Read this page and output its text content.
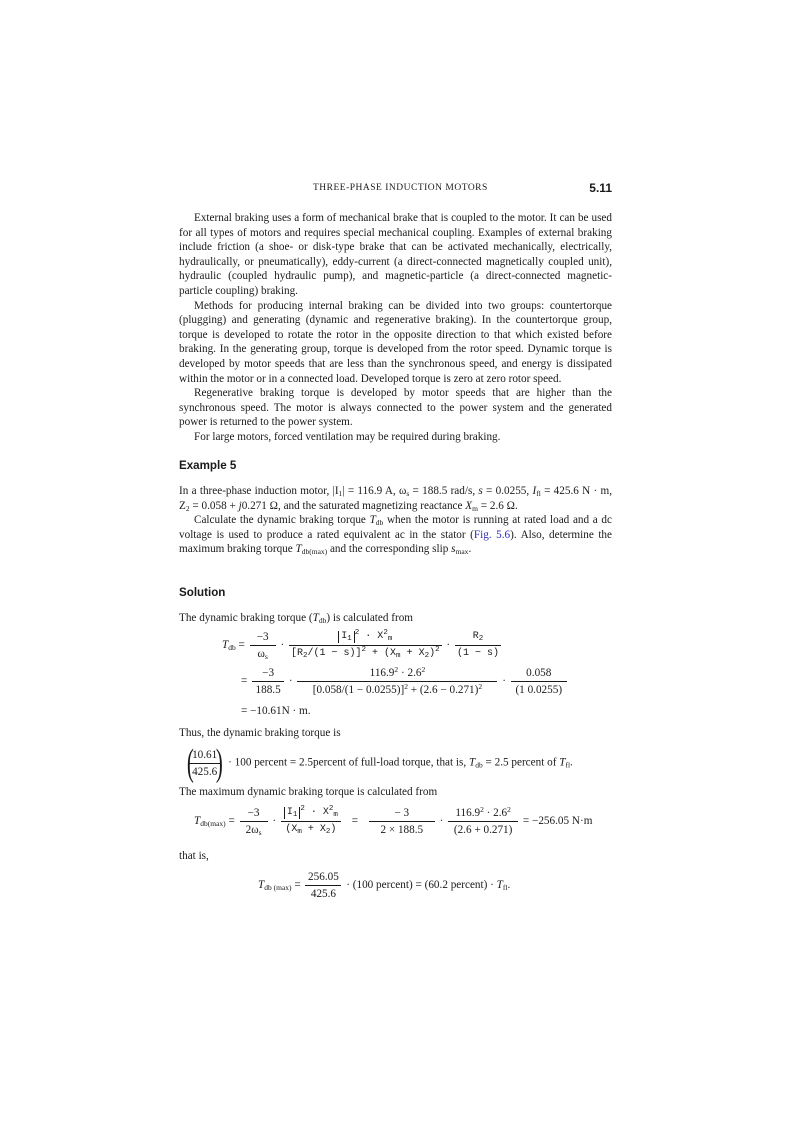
THREE-PHASE INDUCTION MOTORS	5.11

External braking uses a form of mechanical brake that is coupled to the motor. It can be used for all types of motors and requires special mechanical coupling. Examples of external braking include friction (a shoe- or disk-type brake that can be activated mechanically, electrically, hydraulically, or pneumatically), eddy-current (a direct-connected magnetically coupled unit), hydraulic (coupled hydraulic pump), and magnetic-particle (a direct-connected magnetic-particle coupling) braking.

Methods for producing internal braking can be divided into two groups: countertorque (plugging) and generating (dynamic and regenerative braking). In the countertorque group, torque is developed to rotate the rotor in the opposite direction to that which existed before braking. In the generating group, torque is developed from the rotor speed. Dynamic torque is developed by motor speeds that are less than the synchronous speed, and energy is dissipated within the motor or in a connected load. Developed torque is zero at zero rotor speed.

Regenerative braking torque is developed by motor speeds that are higher than the synchronous speed. The motor is always connected to the power system and the generated power is returned to the power system.

For large motors, forced ventilation may be required during braking.

Example 5

In a three-phase induction motor, $|I_1| = 116.9$ A, $\omega_s = 188.5$ rad/s, s = 0.0255, $I_{fl} = 425.6$ N · m, $Z_2 = 0.058 + j0.271$ Ω, and the saturated magnetizing reactance $X_m = 2.6$ Ω.

Calculate the dynamic braking torque $T_{db}$ when the motor is running at rated load and a dc voltage is used to produce a rated equivalent ac in the stator (Fig. 5.6). Also, determine the maximum braking torque $T_{db(max)}$ and the corresponding slip $s_{max}$.

Solution

The dynamic braking torque $(T_{db})$ is calculated from

$T_{db} = \frac{-3}{\omega_s} \cdot \frac{I_1^2 \cdot X^2_m}{[R_2/(1 - s)]^2 + (X_m + X_2)^2} \cdot \frac{R_2}{(1 - s)}$
= $\frac{-3}{188.5} \cdot \frac{116.9^2 \cdot 2.6^2}{[0.058/(1 - 0.0255)]^2 + (2.6 - 0.271)^2} \cdot \frac{0.058}{(1 0.0255)}$
= −10.61N · m.

Thus, the dynamic braking torque is

(
$\frac{10.61}{425.6}$
) · 100 percent = 2.5percent of full-load torque, that is, $T_{db} = 2.5$ percent of $T_{fl}$.

The maximum dynamic braking torque is calculated from

$T_{db(max)} = \frac{-3}{2\omega_s} \cdot \frac{I_1^2 \cdot X^2_m}{(X_m + X_2)} = \frac{- 3}{2 \times 188.5} \cdot \frac{116.9^2 \cdot 2.6^2}{(2.6 + 0.271)} = -256.05$ N·m

that is,

$T_{db (max)} = \frac{256.05}{425.6} \cdot (100$ percent) = (60.2 percent) · $T_{fl}$.
